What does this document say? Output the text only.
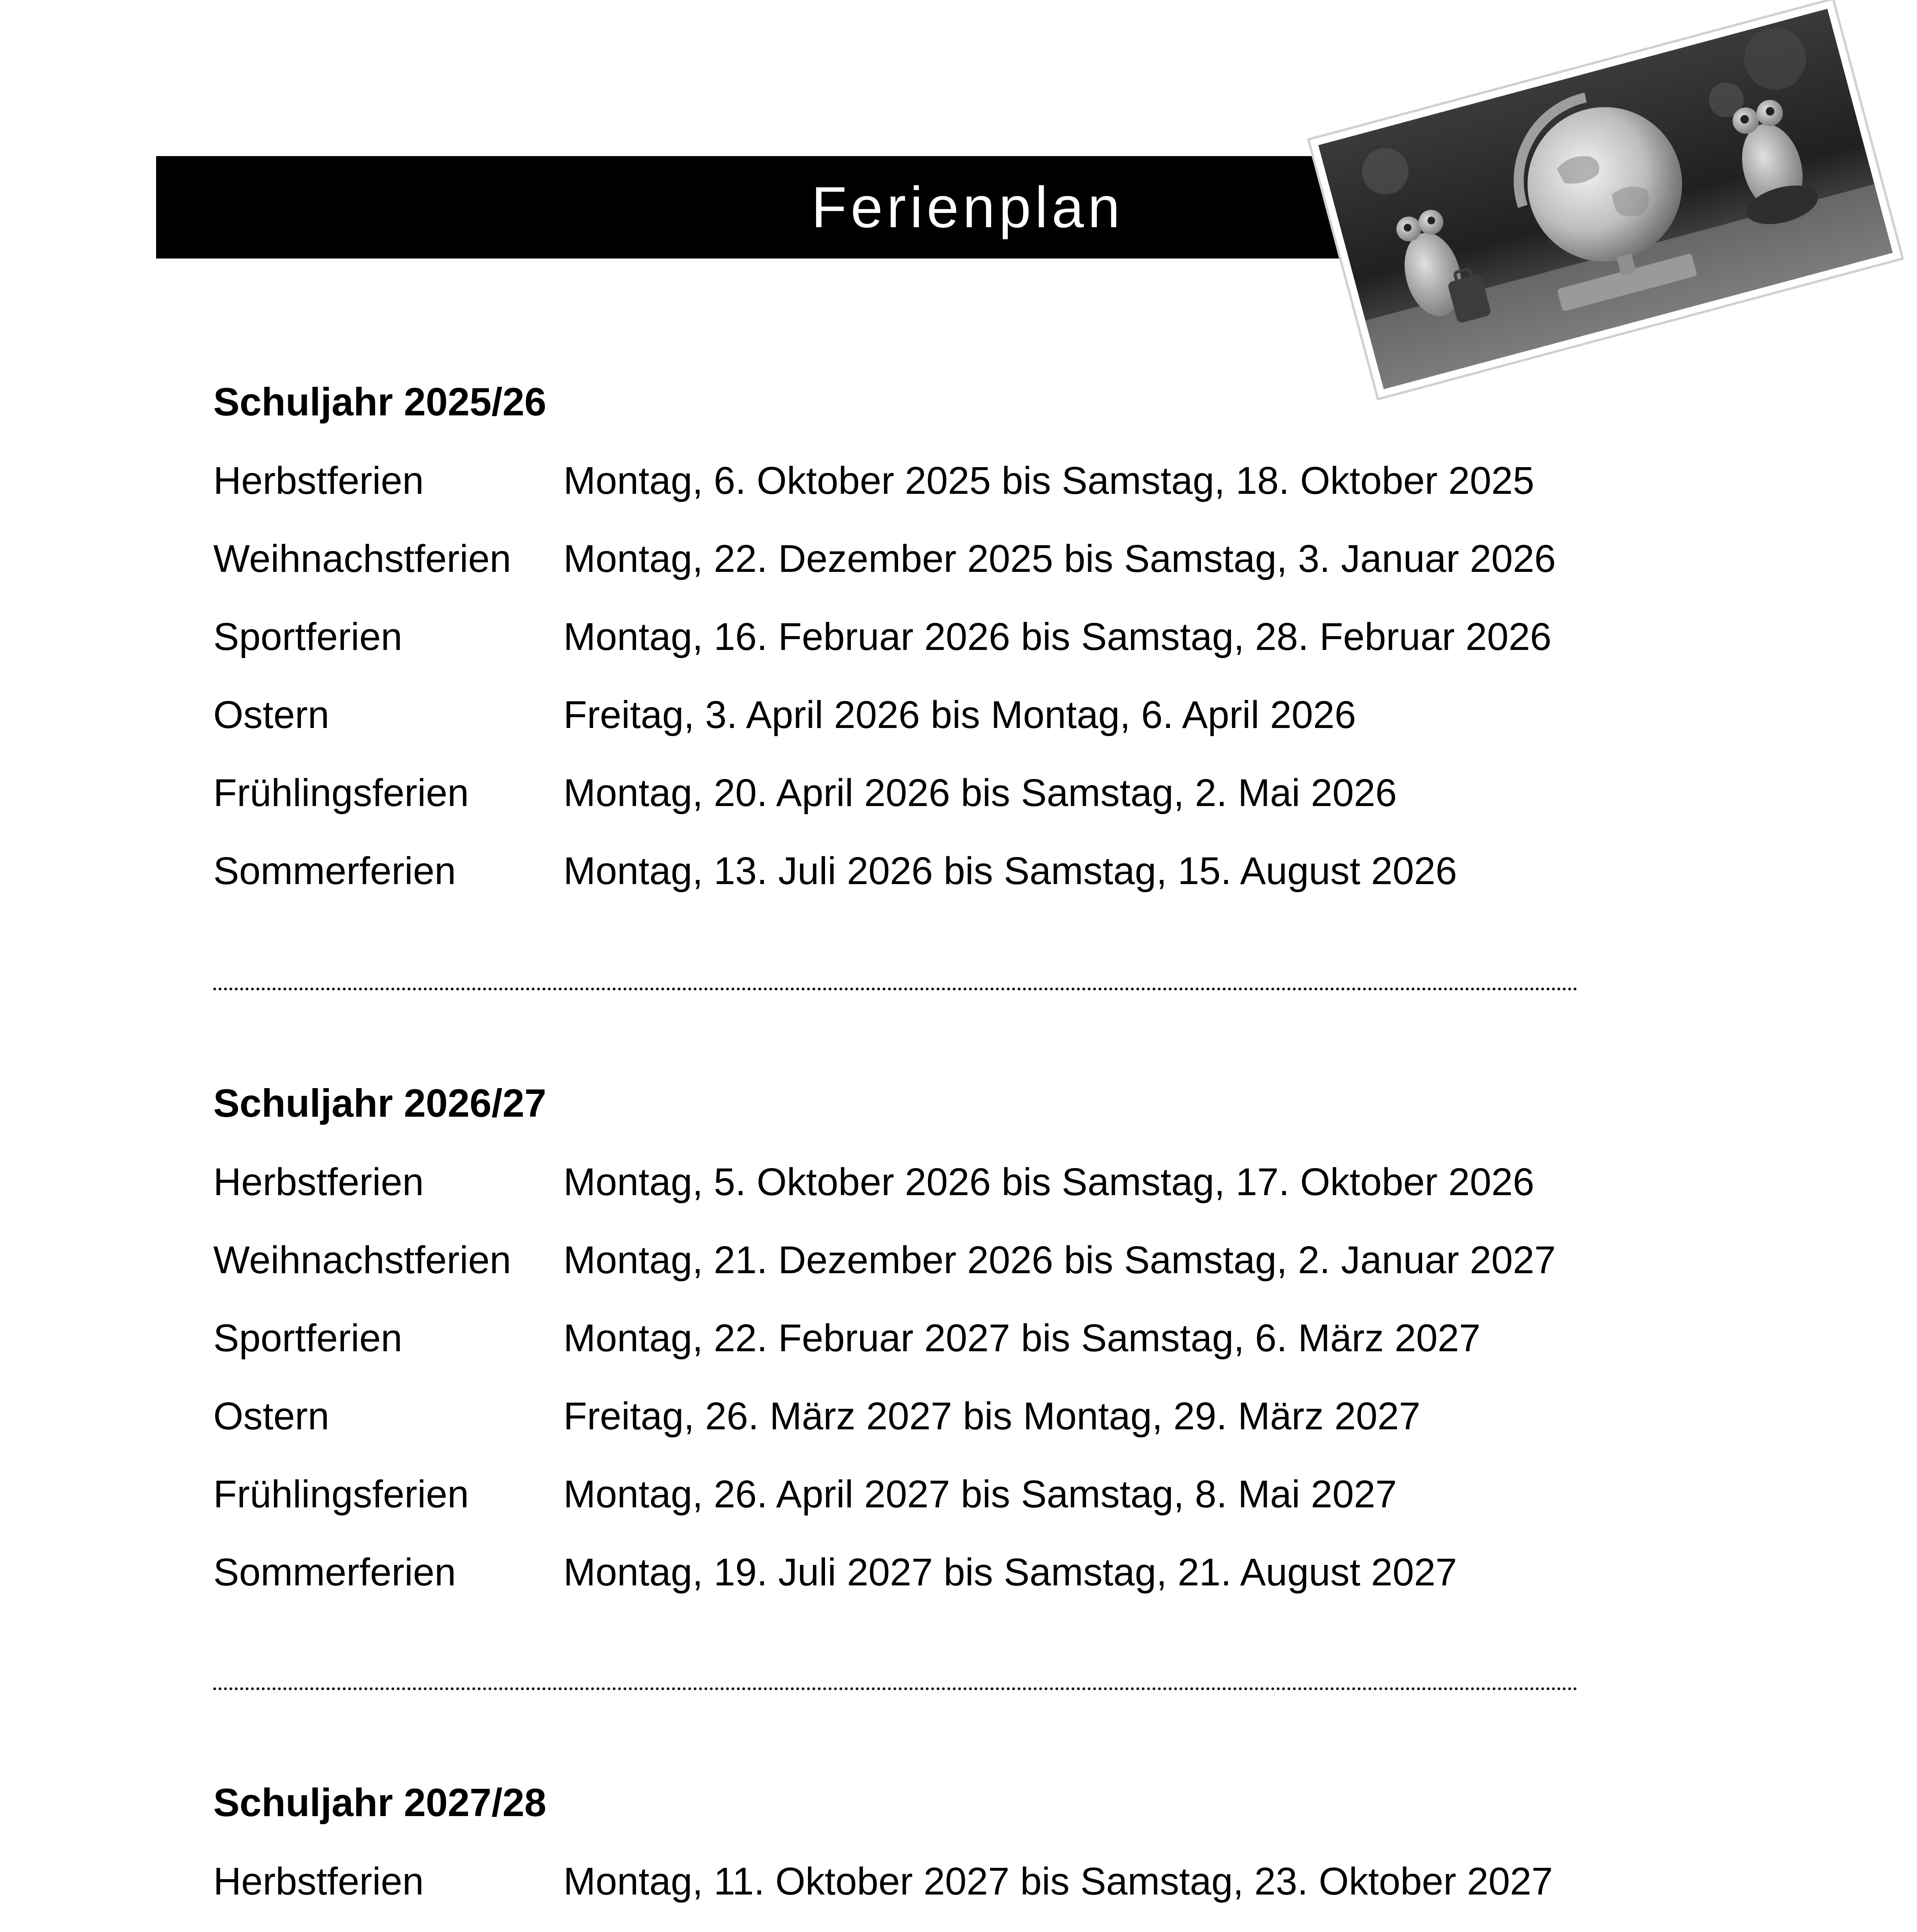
Ferienplan
Schuljahr 2025/26
Herbstferien	Montag, 6. Oktober 2025 bis Samstag, 18. Oktober 2025
Weihnachstferien	Montag, 22. Dezember 2025 bis Samstag, 3. Januar 2026
Sportferien	Montag, 16. Februar 2026 bis Samstag, 28. Februar 2026
Ostern	Freitag, 3. April 2026 bis Montag, 6. April 2026
Frühlingsferien	Montag, 20. April 2026 bis Samstag, 2. Mai 2026
Sommerferien	Montag, 13. Juli 2026 bis Samstag, 15. August 2026
Schuljahr 2026/27
Herbstferien	Montag, 5. Oktober 2026 bis Samstag, 17. Oktober 2026
Weihnachstferien	Montag, 21. Dezember 2026 bis Samstag, 2. Januar 2027
Sportferien	Montag, 22. Februar 2027 bis Samstag, 6. März 2027
Ostern	Freitag, 26. März 2027 bis Montag, 29. März 2027
Frühlingsferien	Montag, 26. April 2027 bis Samstag, 8. Mai 2027
Sommerferien	Montag, 19. Juli 2027 bis Samstag, 21. August 2027
Schuljahr 2027/28
Herbstferien	Montag, 11. Oktober 2027 bis Samstag, 23. Oktober 2027
